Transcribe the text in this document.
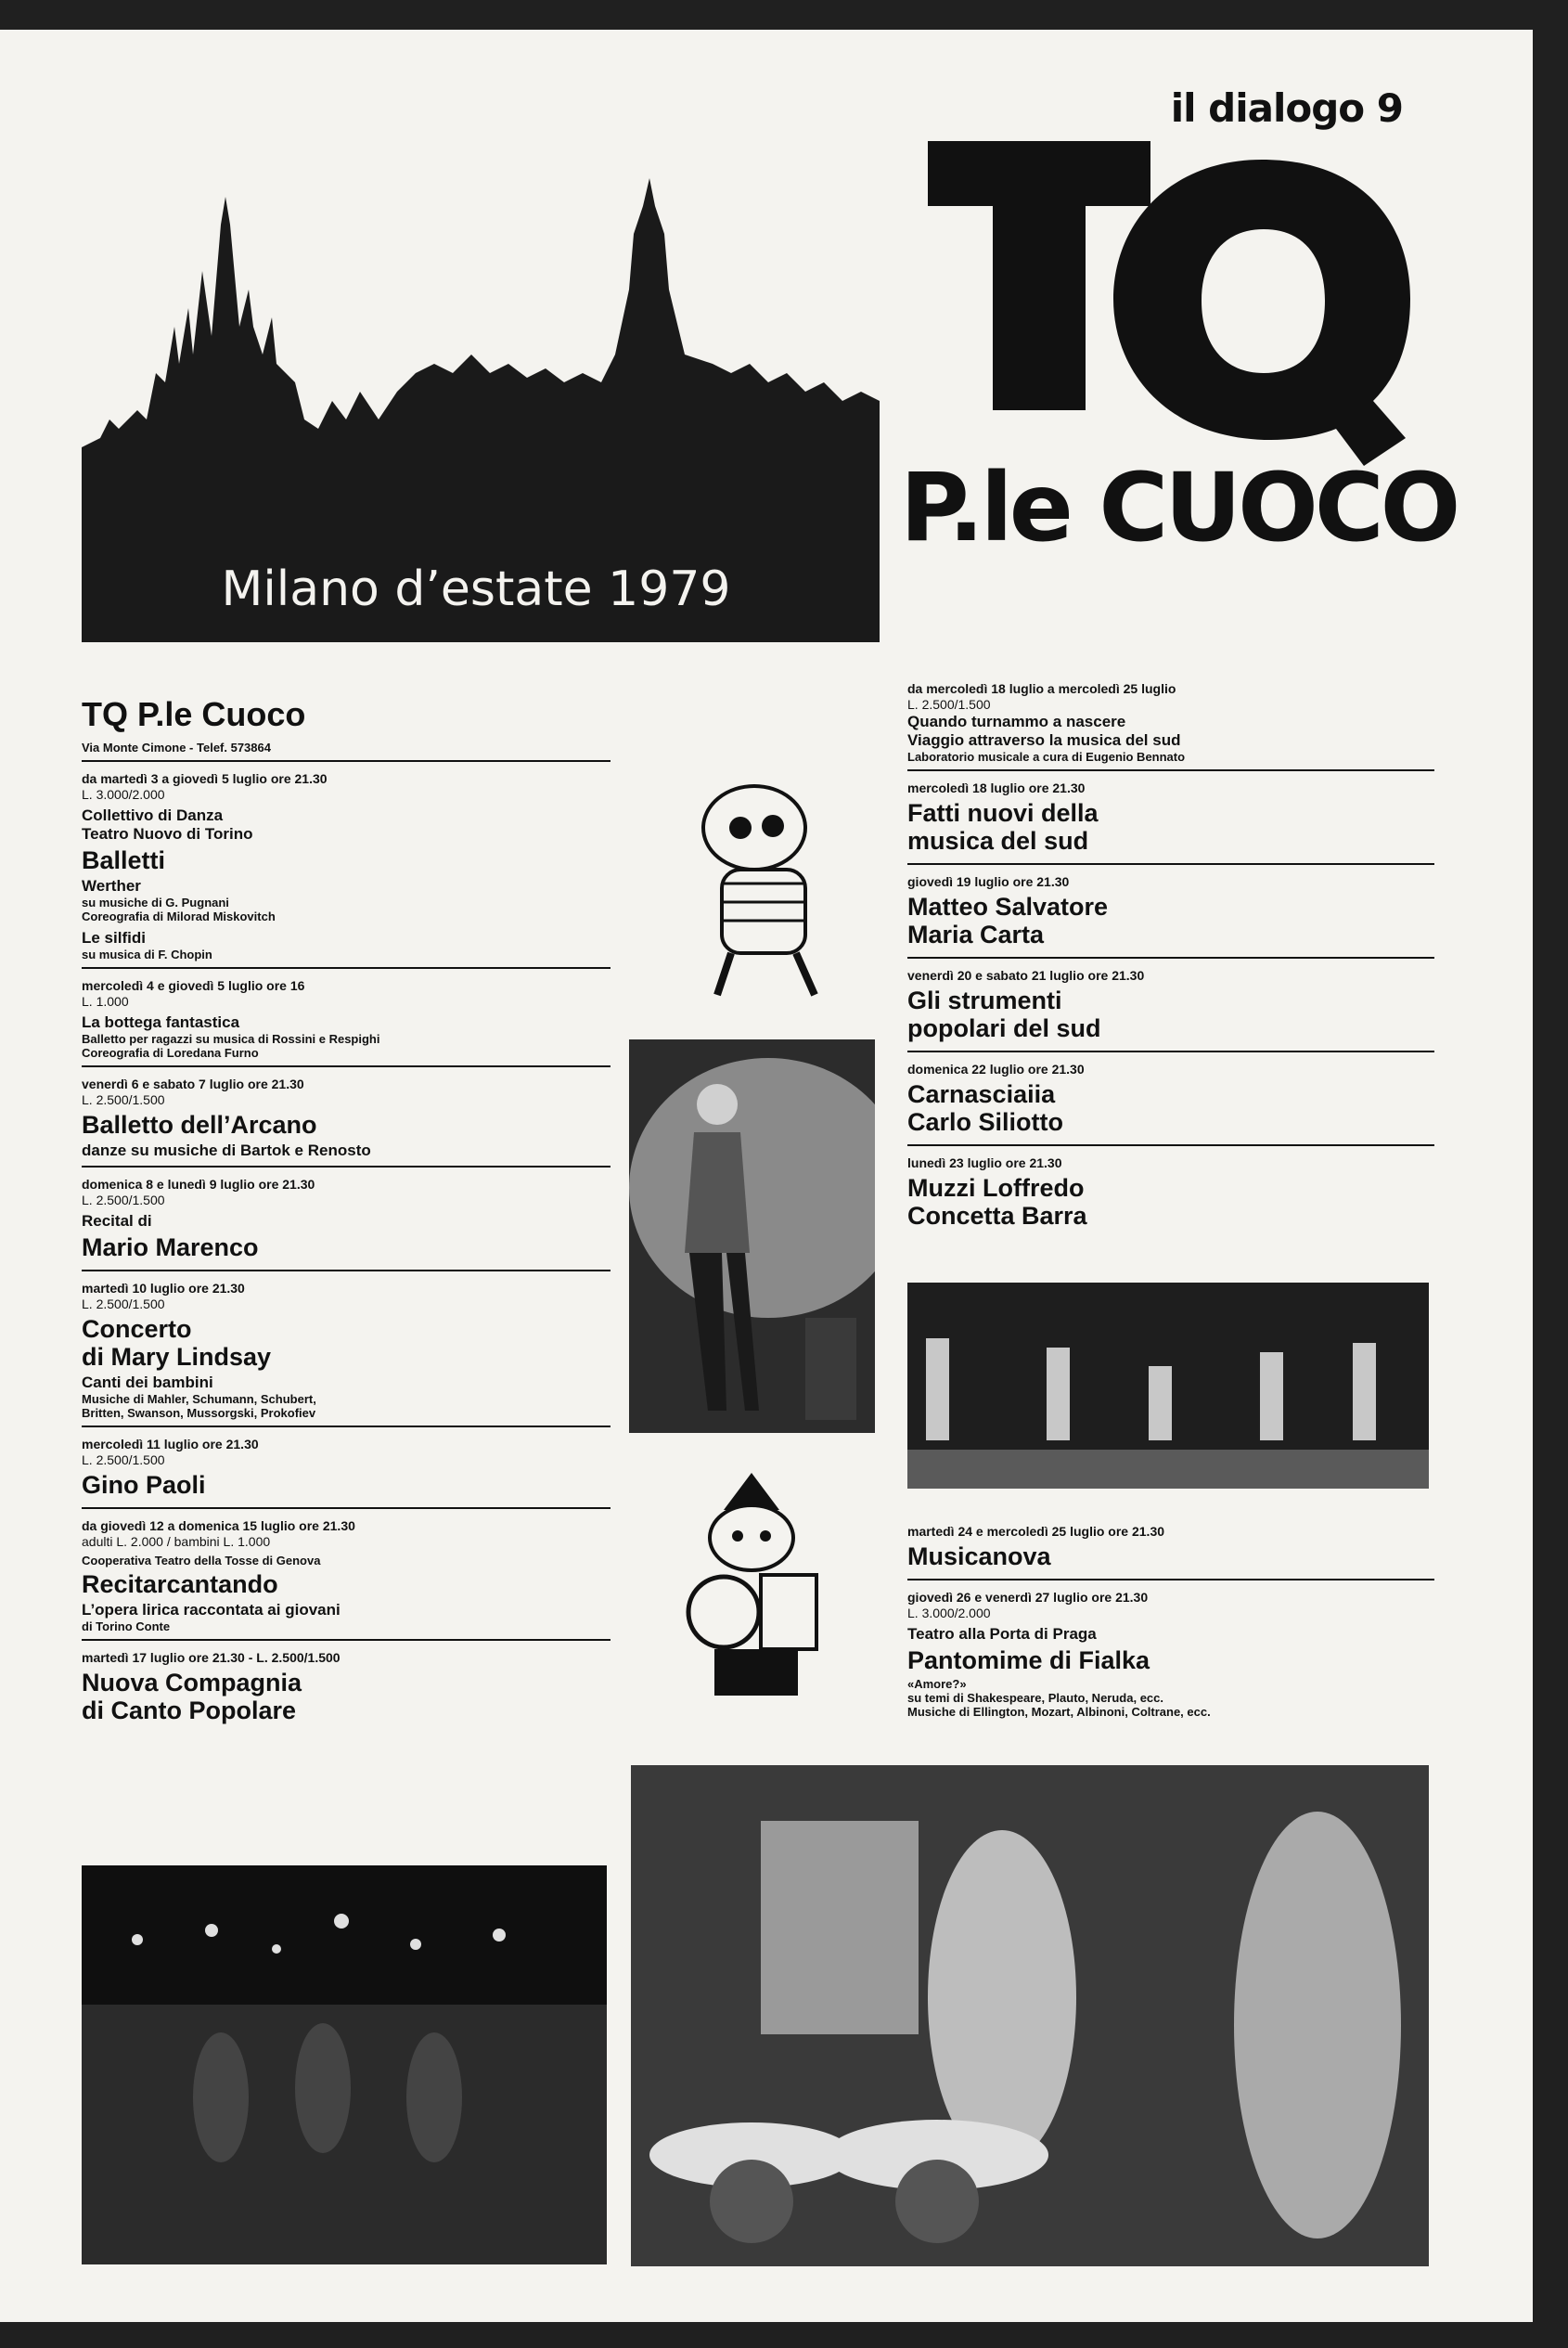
il dialogo 9
Milano d’estate 1979
P.le CUOCO
TQ P.le Cuoco
Via Monte Cimone - Telef. 573864
da martedì 3 a giovedì 5 luglio ore 21.30
L. 3.000/2.000
Collettivo di Danza
Teatro Nuovo di Torino
Balletti
Werther
su musiche di G. Pugnani
Coreografia di Milorad Miskovitch
Le silfidi
su musica di F. Chopin
mercoledì 4 e giovedì 5 luglio ore 16
L. 1.000
La bottega fantastica
Balletto per ragazzi su musica di Rossini e Respighi
Coreografia di Loredana Furno
venerdì 6 e sabato 7 luglio ore 21.30
L. 2.500/1.500
Balletto dell’Arcano
danze su musiche di Bartok e Renosto
domenica 8 e lunedì 9 luglio ore 21.30
L. 2.500/1.500
Recital di
Mario Marenco
martedì 10 luglio ore 21.30
L. 2.500/1.500
Concerto
di Mary Lindsay
Canti dei bambini
Musiche di Mahler, Schumann, Schubert,
Britten, Swanson, Mussorgski, Prokofiev
mercoledì 11 luglio ore 21.30
L. 2.500/1.500
Gino Paoli
da giovedì 12 a domenica 15 luglio ore 21.30
adulti L. 2.000 / bambini L. 1.000
Cooperativa Teatro della Tosse di Genova
Recitarcantando
L’opera lirica raccontata ai giovani
di Torino Conte
martedì 17 luglio ore 21.30 - L. 2.500/1.500
Nuova Compagnia
di Canto Popolare
da mercoledì 18 luglio a mercoledì 25 luglio
L. 2.500/1.500
Quando turnammo a nascere
Viaggio attraverso la musica del sud
Laboratorio musicale a cura di Eugenio Bennato
mercoledì 18 luglio ore 21.30
Fatti nuovi della
musica del sud
giovedì 19 luglio ore 21.30
Matteo Salvatore
Maria Carta
venerdì 20 e sabato 21 luglio ore 21.30
Gli strumenti
popolari del sud
domenica 22 luglio ore 21.30
Carnasciaiia
Carlo Siliotto
lunedì 23 luglio ore 21.30
Muzzi Loffredo
Concetta Barra
martedì 24 e mercoledì 25 luglio ore 21.30
Musicanova
giovedì 26 e venerdì 27 luglio ore 21.30
L. 3.000/2.000
Teatro alla Porta di Praga
Pantomime di Fialka
«Amore?»
su temi di Shakespeare, Plauto, Neruda, ecc.
Musiche di Ellington, Mozart, Albinoni, Coltrane, ecc.
